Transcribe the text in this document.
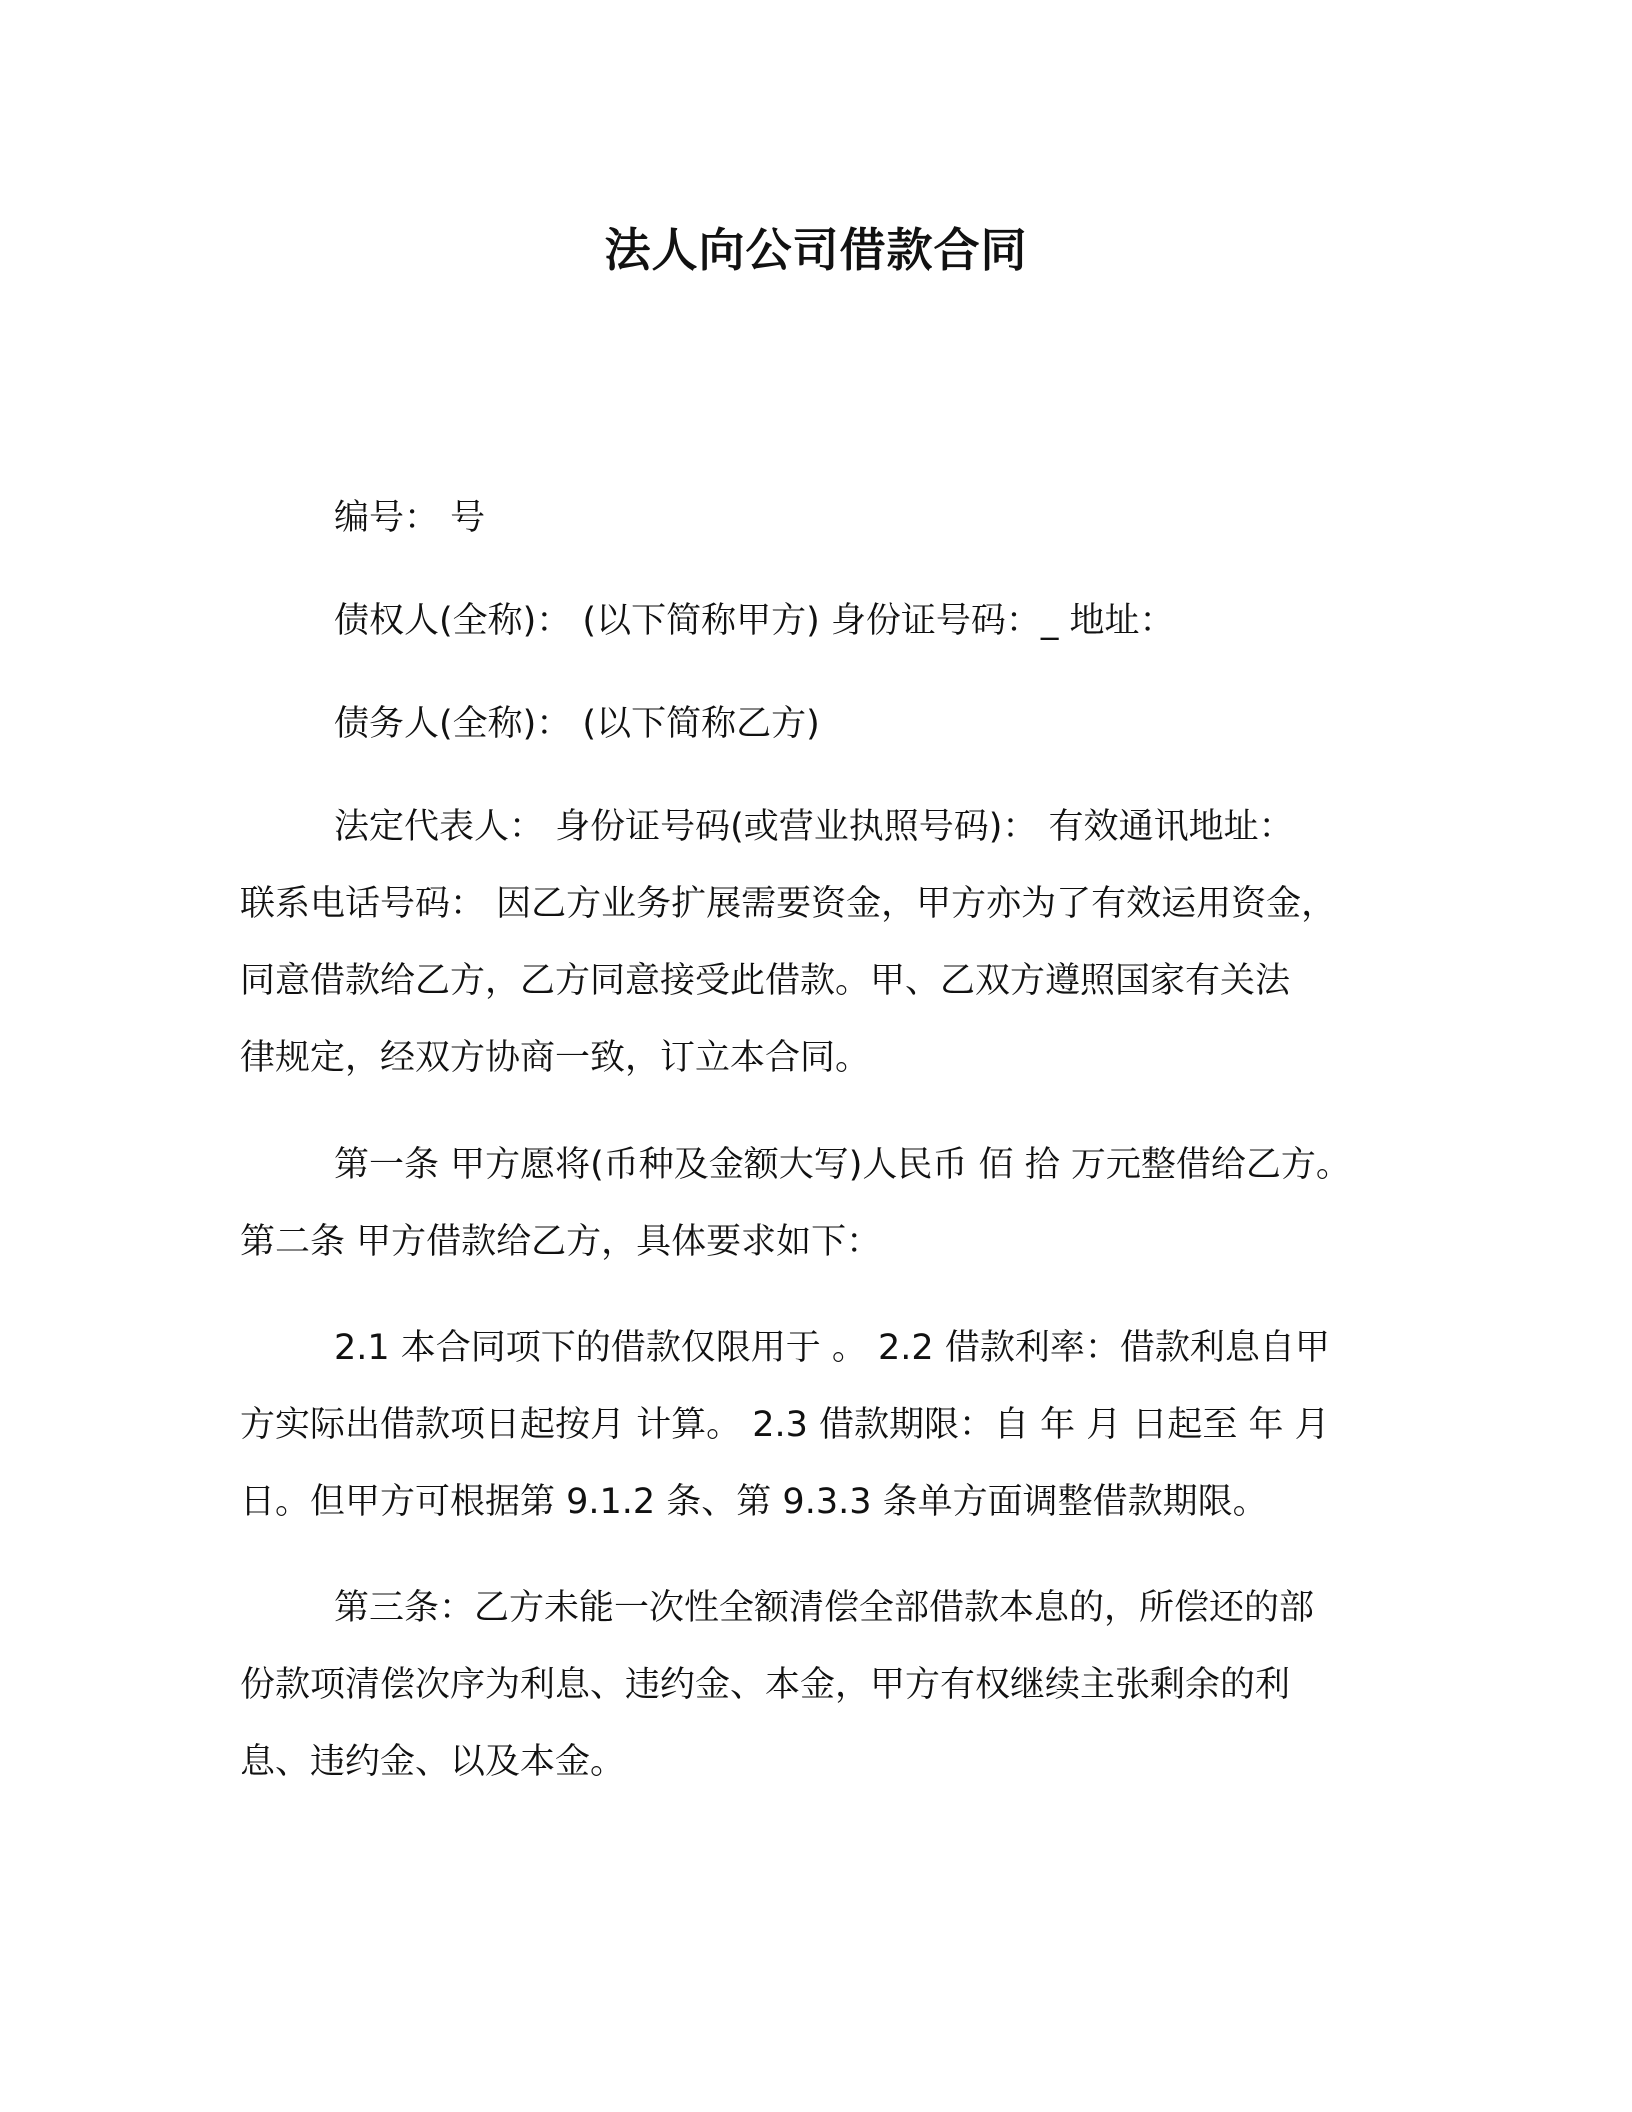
法人向公司借款合同

编号： 号

债权人(全称)： (以下简称甲方) 身份证号码：_ 地址：

债务人(全称)： (以下简称乙方)

法定代表人： 身份证号码(或营业执照号码)： 有效通讯地址：
联系电话号码： 因乙方业务扩展需要资金，甲方亦为了有效运用资金，
同意借款给乙方，乙方同意接受此借款。甲、乙双方遵照国家有关法
律规定，经双方协商一致，订立本合同。
第一条 甲方愿将(币种及金额大写)人民币 佰 拾 万元整借给乙方。
第二条 甲方借款给乙方，具体要求如下：
2.1 本合同项下的借款仅限用于 。 2.2 借款利率：借款利息自甲
方实际出借款项日起按月 计算。 2.3 借款期限：自 年 月 日起至 年 月
日。但甲方可根据第 9.1.2 条、第 9.3.3 条单方面调整借款期限。
第三条：乙方未能一次性全额清偿全部借款本息的，所偿还的部
份款项清偿次序为利息、违约金、本金，甲方有权继续主张剩余的利
息、违约金、以及本金。
